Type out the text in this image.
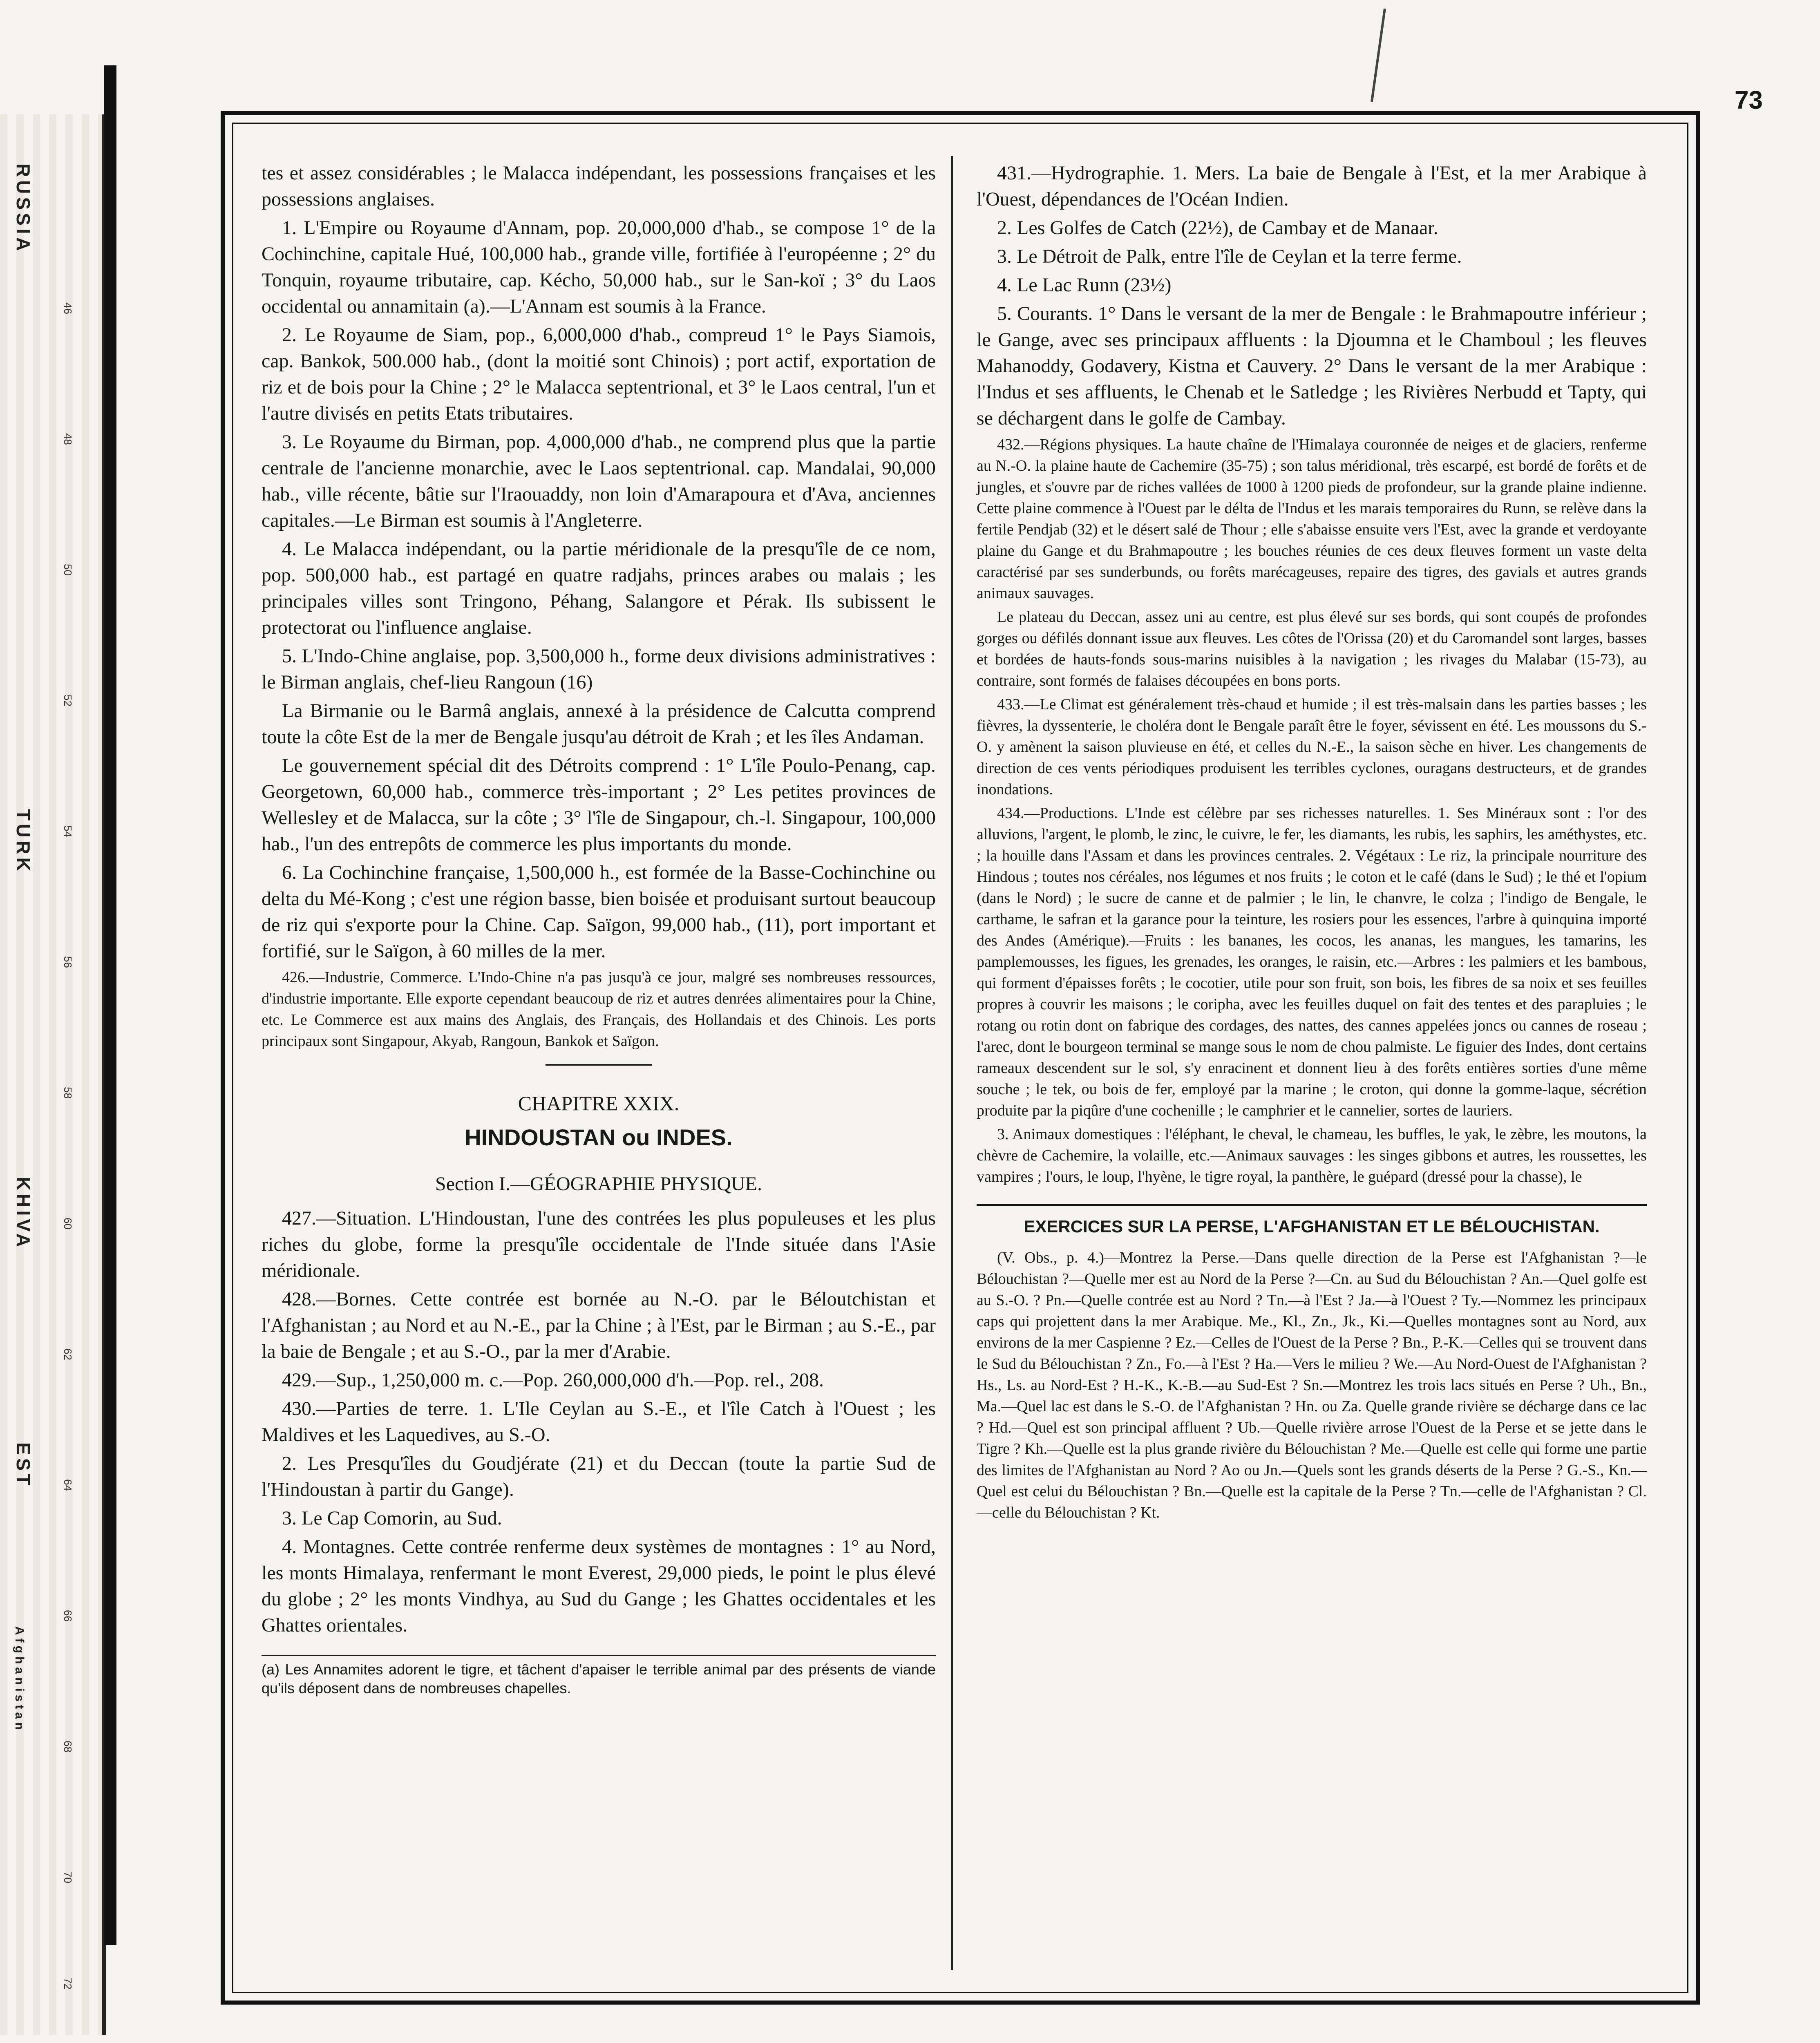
73
RUSSIA
TURK
KHIVA
EST
Afghanistan
46
48
50
52
54
56
58
60
62
64
66
68
70
72

tes et assez considérables ; le Malacca indépendant, les possessions françaises et les possessions anglaises.

1. L'Empire ou Royaume d'Annam, pop. 20,000,000 d'hab., se compose 1° de la Cochinchine, capitale Hué, 100,000 hab., grande ville, fortifiée à l'européenne ; 2° du Tonquin, royaume tributaire, cap. Kécho, 50,000 hab., sur le San-koï ; 3° du Laos occidental ou annamitain (a).—L'Annam est soumis à la France.

2. Le Royaume de Siam, pop., 6,000,000 d'hab., compreud 1° le Pays Siamois, cap. Bankok, 500.000 hab., (dont la moitié sont Chinois) ; port actif, exportation de riz et de bois pour la Chine ; 2° le Malacca septentrional, et 3° le Laos central, l'un et l'autre divisés en petits Etats tributaires.

3. Le Royaume du Birman, pop. 4,000,000 d'hab., ne comprend plus que la partie centrale de l'ancienne monarchie, avec le Laos septentrional. cap. Mandalai, 90,000 hab., ville récente, bâtie sur l'Iraouaddy, non loin d'Amarapoura et d'Ava, anciennes capitales.—Le Birman est soumis à l'Angleterre.

4. Le Malacca indépendant, ou la partie méridionale de la presqu'île de ce nom, pop. 500,000 hab., est partagé en quatre radjahs, princes arabes ou malais ; les principales villes sont Tringono, Péhang, Salangore et Pérak. Ils subissent le protectorat ou l'influence anglaise.

5. L'Indo-Chine anglaise, pop. 3,500,000 h., forme deux divisions administratives : le Birman anglais, chef-lieu Rangoun (16)

La Birmanie ou le Barmâ anglais, annexé à la présidence de Calcutta comprend toute la côte Est de la mer de Bengale jusqu'au détroit de Krah ; et les îles Andaman.

Le gouvernement spécial dit des Détroits comprend : 1° L'île Poulo-Penang, cap. Georgetown, 60,000 hab., commerce très-important ; 2° Les petites provinces de Wellesley et de Malacca, sur la côte ; 3° l'île de Singapour, ch.-l. Singapour, 100,000 hab., l'un des entrepôts de commerce les plus importants du monde.

6. La Cochinchine française, 1,500,000 h., est formée de la Basse-Cochinchine ou delta du Mé-Kong ; c'est une région basse, bien boisée et produisant surtout beaucoup de riz qui s'exporte pour la Chine. Cap. Saïgon, 99,000 hab., (11), port important et fortifié, sur le Saïgon, à 60 milles de la mer.

426.—Industrie, Commerce. L'Indo-Chine n'a pas jusqu'à ce jour, malgré ses nombreuses ressources, d'industrie importante. Elle exporte cependant beaucoup de riz et autres denrées alimentaires pour la Chine, etc. Le Commerce est aux mains des Anglais, des Français, des Hollandais et des Chinois. Les ports principaux sont Singapour, Akyab, Rangoun, Bankok et Saïgon.

CHAPITRE XXIX.
HINDOUSTAN ou INDES.
Section I.—GÉOGRAPHIE PHYSIQUE.

427.—Situation. L'Hindoustan, l'une des contrées les plus populeuses et les plus riches du globe, forme la presqu'île occidentale de l'Inde située dans l'Asie méridionale.

428.—Bornes. Cette contrée est bornée au N.-O. par le Béloutchistan et l'Afghanistan ; au Nord et au N.-E., par la Chine ; à l'Est, par le Birman ; au S.-E., par la baie de Bengale ; et au S.-O., par la mer d'Arabie.

429.—Sup., 1,250,000 m. c.—Pop. 260,000,000 d'h.—Pop. rel., 208.

430.—Parties de terre. 1. L'Ile Ceylan au S.-E., et l'île Catch à l'Ouest ; les Maldives et les Laquedives, au S.-O.

2. Les Presqu'îles du Goudjérate (21) et du Deccan (toute la partie Sud de l'Hindoustan à partir du Gange).

3. Le Cap Comorin, au Sud.

4. Montagnes. Cette contrée renferme deux systèmes de montagnes : 1° au Nord, les monts Himalaya, renfermant le mont Everest, 29,000 pieds, le point le plus élevé du globe ; 2° les monts Vindhya, au Sud du Gange ; les Ghattes occidentales et les Ghattes orientales.

(a) Les Annamites adorent le tigre, et tâchent d'apaiser le terrible animal par des présents de viande qu'ils déposent dans de nombreuses chapelles.

431.—Hydrographie. 1. Mers. La baie de Bengale à l'Est, et la mer Arabique à l'Ouest, dépendances de l'Océan Indien.

2. Les Golfes de Catch (22½), de Cambay et de Manaar.

3. Le Détroit de Palk, entre l'île de Ceylan et la terre ferme.

4. Le Lac Runn (23½)

5. Courants. 1° Dans le versant de la mer de Bengale : le Brahmapoutre inférieur ; le Gange, avec ses principaux affluents : la Djoumna et le Chamboul ; les fleuves Mahanoddy, Godavery, Kistna et Cauvery. 2° Dans le versant de la mer Arabique : l'Indus et ses affluents, le Chenab et le Satledge ; les Rivières Nerbudd et Tapty, qui se déchargent dans le golfe de Cambay.

432.—Régions physiques. La haute chaîne de l'Himalaya couronnée de neiges et de glaciers, renferme au N.-O. la plaine haute de Cachemire (35-75) ; son talus méridional, très escarpé, est bordé de forêts et de jungles, et s'ouvre par de riches vallées de 1000 à 1200 pieds de profondeur, sur la grande plaine indienne. Cette plaine commence à l'Ouest par le délta de l'Indus et les marais temporaires du Runn, se relève dans la fertile Pendjab (32) et le désert salé de Thour ; elle s'abaisse ensuite vers l'Est, avec la grande et verdoyante plaine du Gange et du Brahmapoutre ; les bouches réunies de ces deux fleuves forment un vaste delta caractérisé par ses sunderbunds, ou forêts marécageuses, repaire des tigres, des gavials et autres grands animaux sauvages.

Le plateau du Deccan, assez uni au centre, est plus élevé sur ses bords, qui sont coupés de profondes gorges ou défilés donnant issue aux fleuves. Les côtes de l'Orissa (20) et du Caromandel sont larges, basses et bordées de hauts-fonds sous-marins nuisibles à la navigation ; les rivages du Malabar (15-73), au contraire, sont formés de falaises découpées en bons ports.

433.—Le Climat est généralement très-chaud et humide ; il est très-malsain dans les parties basses ; les fièvres, la dyssenterie, le choléra dont le Bengale paraît être le foyer, sévissent en été. Les moussons du S.-O. y amènent la saison pluvieuse en été, et celles du N.-E., la saison sèche en hiver. Les changements de direction de ces vents périodiques produisent les terribles cyclones, ouragans destructeurs, et de grandes inondations.

434.—Productions. L'Inde est célèbre par ses richesses naturelles. 1. Ses Minéraux sont : l'or des alluvions, l'argent, le plomb, le zinc, le cuivre, le fer, les diamants, les rubis, les saphirs, les améthystes, etc. ; la houille dans l'Assam et dans les provinces centrales. 2. Végétaux : Le riz, la principale nourriture des Hindous ; toutes nos céréales, nos légumes et nos fruits ; le coton et le café (dans le Sud) ; le thé et l'opium (dans le Nord) ; le sucre de canne et de palmier ; le lin, le chanvre, le colza ; l'indigo de Bengale, le carthame, le safran et la garance pour la teinture, les rosiers pour les essences, l'arbre à quinquina importé des Andes (Amérique).—Fruits : les bananes, les cocos, les ananas, les mangues, les tamarins, les pamplemousses, les figues, les grenades, les oranges, le raisin, etc.—Arbres : les palmiers et les bambous, qui forment d'épaisses forêts ; le cocotier, utile pour son fruit, son bois, les fibres de sa noix et ses feuilles propres à couvrir les maisons ; le coripha, avec les feuilles duquel on fait des tentes et des parapluies ; le rotang ou rotin dont on fabrique des cordages, des nattes, des cannes appelées joncs ou cannes de roseau ; l'arec, dont le bourgeon terminal se mange sous le nom de chou palmiste. Le figuier des Indes, dont certains rameaux descendent sur le sol, s'y enracinent et donnent lieu à des forêts entières sorties d'une même souche ; le tek, ou bois de fer, employé par la marine ; le croton, qui donne la gomme-laque, sécrétion produite par la piqûre d'une cochenille ; le camphrier et le cannelier, sortes de lauriers.

3. Animaux domestiques : l'éléphant, le cheval, le chameau, les buffles, le yak, le zèbre, les moutons, la chèvre de Cachemire, la volaille, etc.—Animaux sauvages : les singes gibbons et autres, les roussettes, les vampires ; l'ours, le loup, l'hyène, le tigre royal, la panthère, le guépard (dressé pour la chasse), le

EXERCICES SUR LA PERSE, L'AFGHANISTAN ET LE BÉLOUCHISTAN.

(V. Obs., p. 4.)—Montrez la Perse.—Dans quelle direction de la Perse est l'Afghanistan ?—le Bélouchistan ?—Quelle mer est au Nord de la Perse ?—Cn. au Sud du Bélouchistan ? An.—Quel golfe est au S.-O. ? Pn.—Quelle contrée est au Nord ? Tn.—à l'Est ? Ja.—à l'Ouest ? Ty.—Nommez les principaux caps qui projettent dans la mer Arabique. Me., Kl., Zn., Jk., Ki.—Quelles montagnes sont au Nord, aux environs de la mer Caspienne ? Ez.—Celles de l'Ouest de la Perse ? Bn., P.-K.—Celles qui se trouvent dans le Sud du Bélouchistan ? Zn., Fo.—à l'Est ? Ha.—Vers le milieu ? We.—Au Nord-Ouest de l'Afghanistan ? Hs., Ls. au Nord-Est ? H.-K., K.-B.—au Sud-Est ? Sn.—Montrez les trois lacs situés en Perse ? Uh., Bn., Ma.—Quel lac est dans le S.-O. de l'Afghanistan ? Hn. ou Za. Quelle grande rivière se décharge dans ce lac ? Hd.—Quel est son principal affluent ? Ub.—Quelle rivière arrose l'Ouest de la Perse et se jette dans le Tigre ? Kh.—Quelle est la plus grande rivière du Bélouchistan ? Me.—Quelle est celle qui forme une partie des limites de l'Afghanistan au Nord ? Ao ou Jn.—Quels sont les grands déserts de la Perse ? G.-S., Kn.—Quel est celui du Bélouchistan ? Bn.—Quelle est la capitale de la Perse ? Tn.—celle de l'Afghanistan ? Cl.—celle du Bélouchistan ? Kt.
